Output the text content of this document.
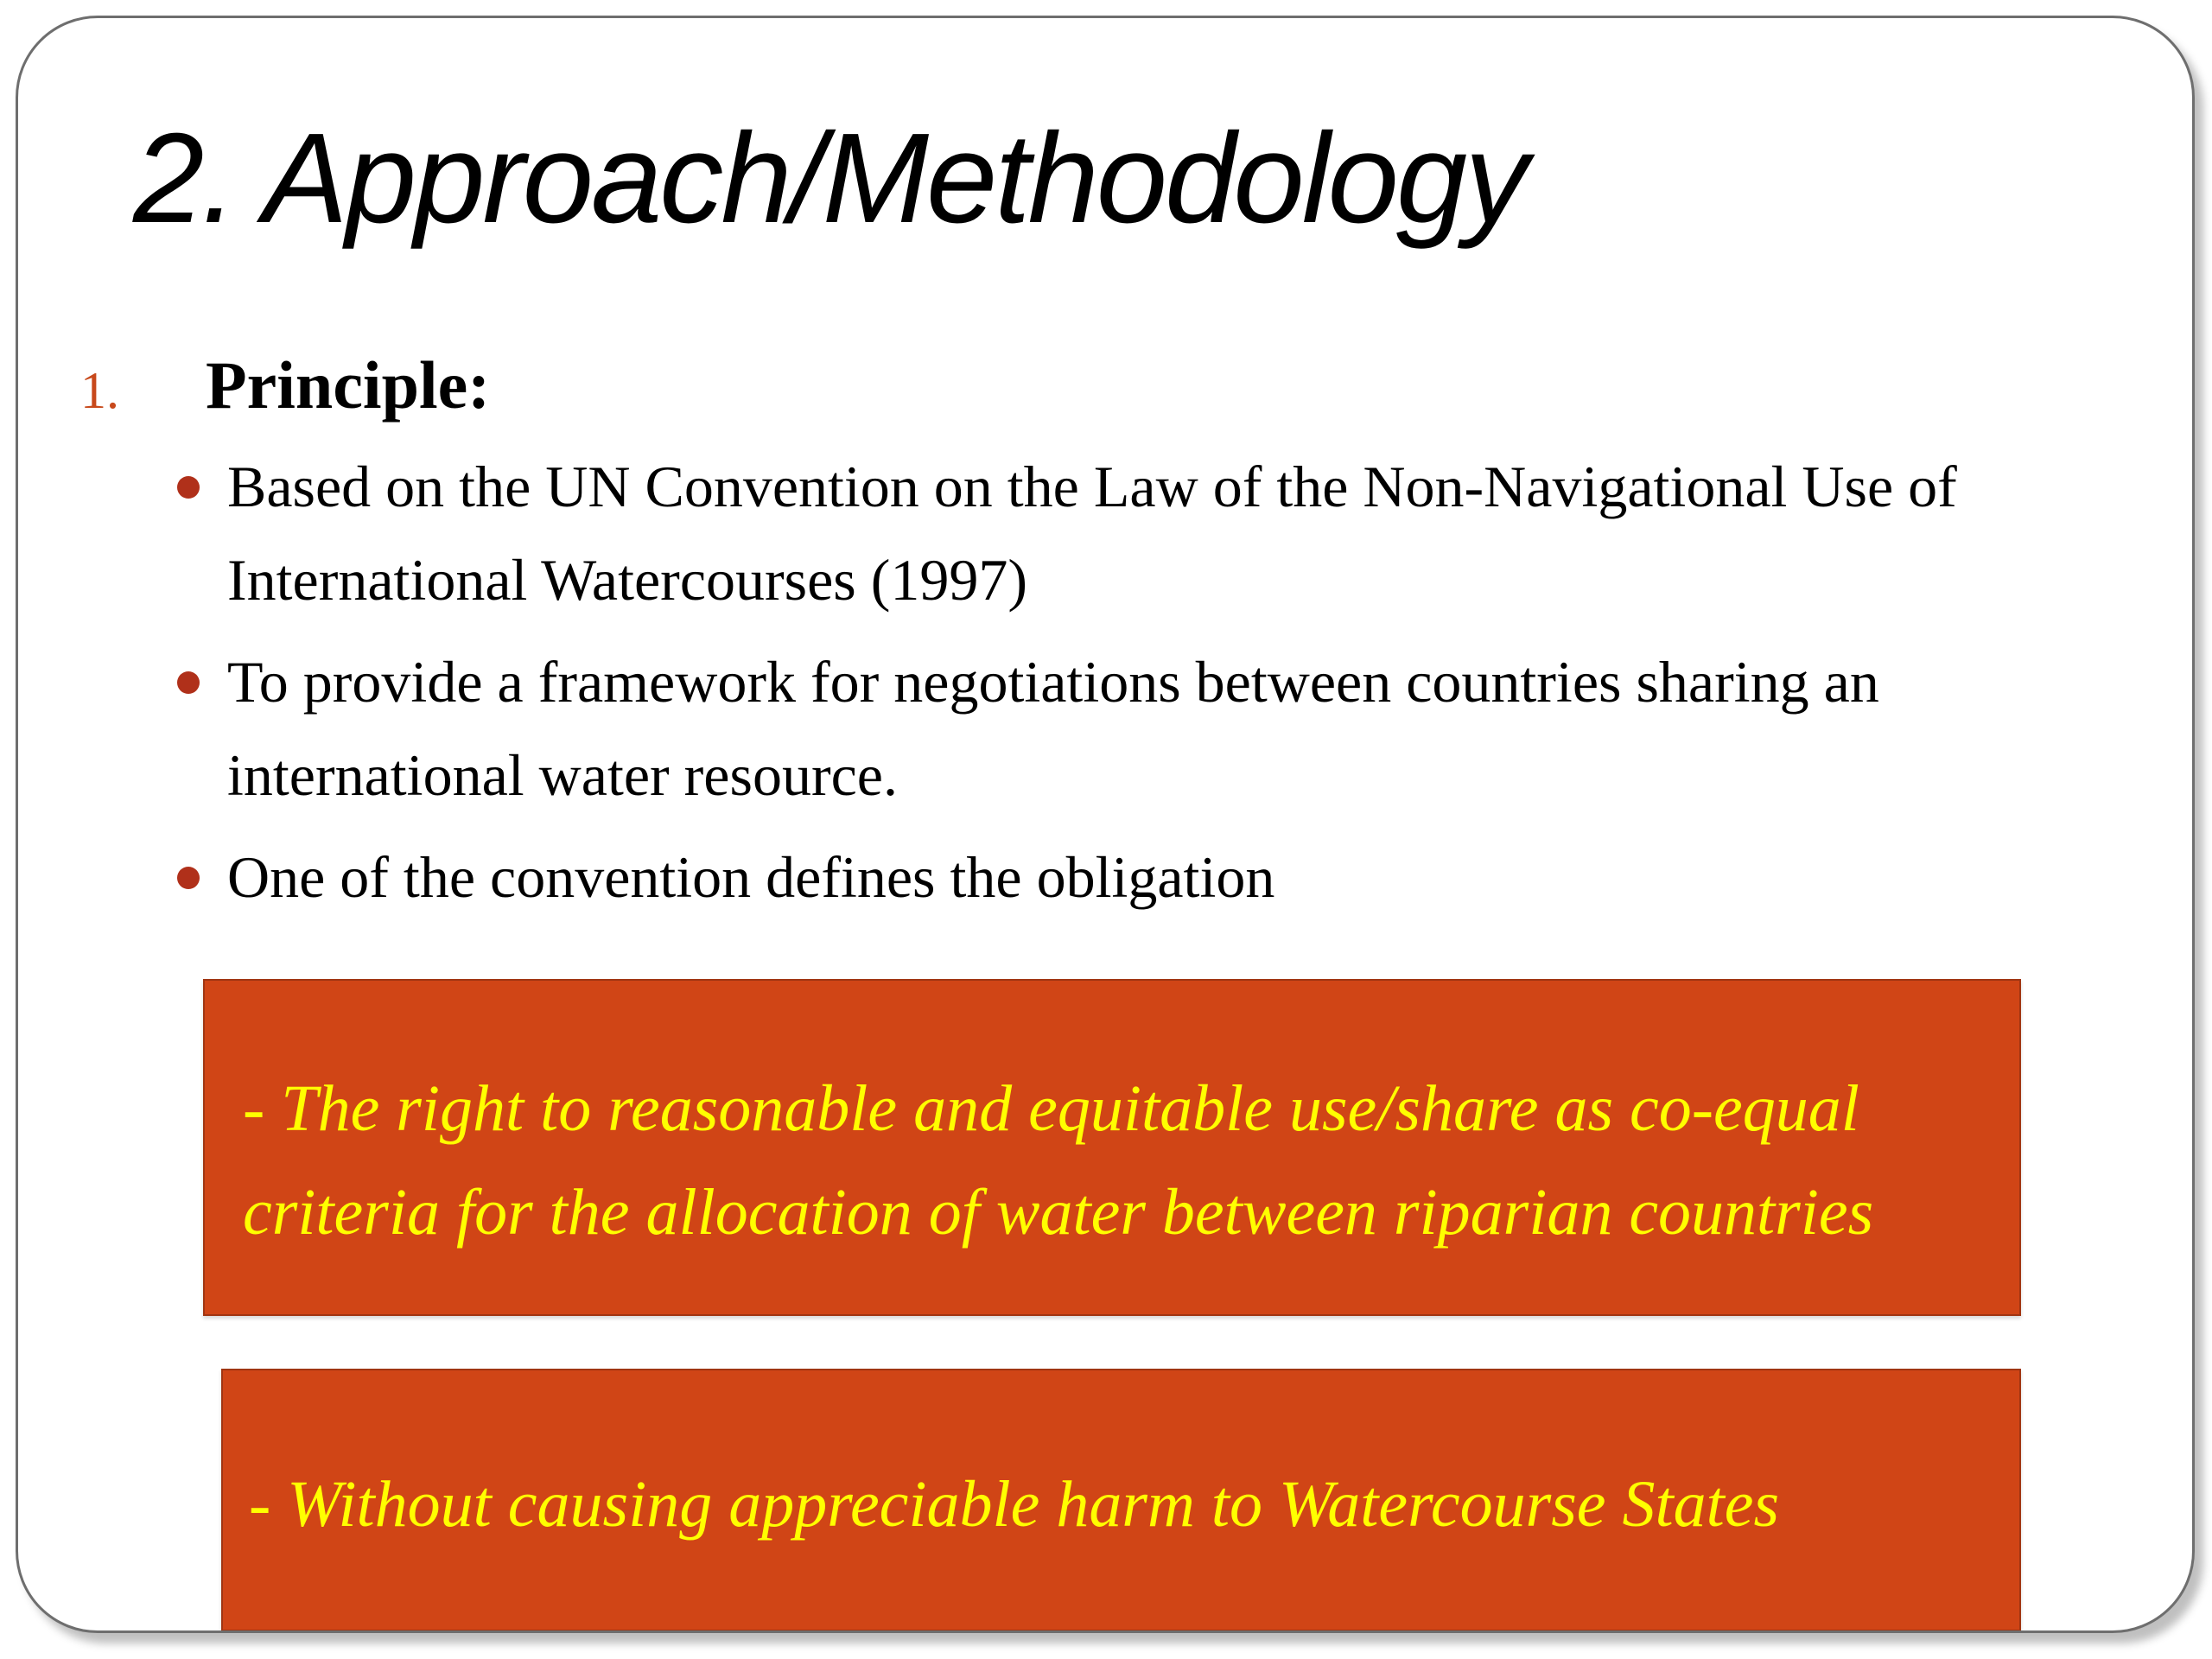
2. Approach/Methodology
1.	Principle:
Based on the UN Convention on the Law of the Non-Navigational Use of International Watercourses (1997)
To provide a framework for negotiations between countries sharing an international water resource.
One of the convention defines the obligation
- The right to reasonable and equitable use/share as co-equal criteria for the allocation of water between riparian countries
- Without causing appreciable harm to Watercourse States
